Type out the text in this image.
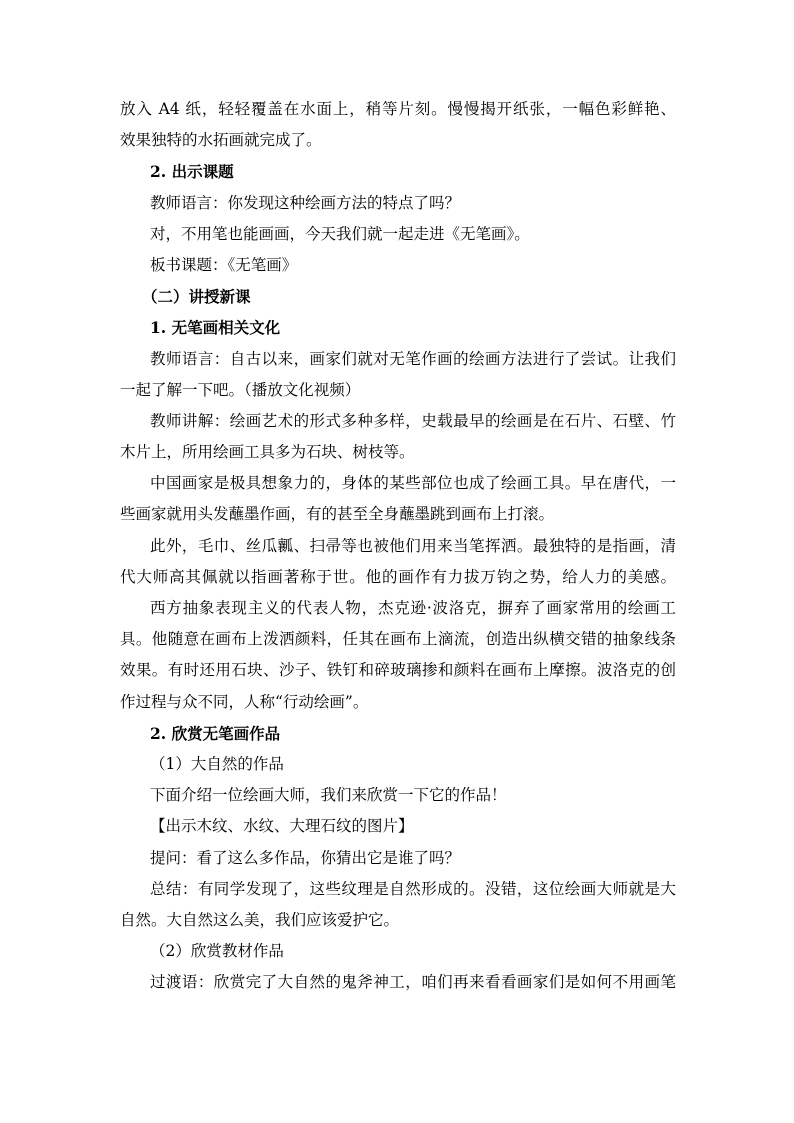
放入 A4 纸，轻轻覆盖在水面上，稍等片刻。慢慢揭开纸张，一幅色彩鲜艳、
效果独特的水拓画就完成了。
2. 出示课题
教师语言：你发现这种绘画方法的特点了吗？
对，不用笔也能画画，今天我们就一起走进《无笔画》。
板书课题：《无笔画》
（二）讲授新课
1. 无笔画相关文化
教师语言：自古以来，画家们就对无笔作画的绘画方法进行了尝试。让我们
一起了解一下吧。（播放文化视频）
教师讲解：绘画艺术的形式多种多样，史载最早的绘画是在石片、石壁、竹
木片上，所用绘画工具多为石块、树枝等。
中国画家是极具想象力的，身体的某些部位也成了绘画工具。早在唐代，一
些画家就用头发蘸墨作画，有的甚至全身蘸墨跳到画布上打滚。
此外，毛巾、丝瓜瓤、扫帚等也被他们用来当笔挥洒。最独特的是指画，清
代大师高其佩就以指画著称于世。他的画作有力拔万钧之势，给人力的美感。
西方抽象表现主义的代表人物，杰克逊·波洛克，摒弃了画家常用的绘画工
具。他随意在画布上泼洒颜料，任其在画布上滴流，创造出纵横交错的抽象线条
效果。有时还用石块、沙子、铁钉和碎玻璃掺和颜料在画布上摩擦。波洛克的创
作过程与众不同，人称“行动绘画”。
2. 欣赏无笔画作品
（1）大自然的作品
下面介绍一位绘画大师，我们来欣赏一下它的作品！
【出示木纹、水纹、大理石纹的图片】
提问：看了这么多作品，你猜出它是谁了吗？
总结：有同学发现了，这些纹理是自然形成的。没错，这位绘画大师就是大
自然。大自然这么美，我们应该爱护它。
（2）欣赏教材作品
过渡语：欣赏完了大自然的鬼斧神工，咱们再来看看画家们是如何不用画笔
